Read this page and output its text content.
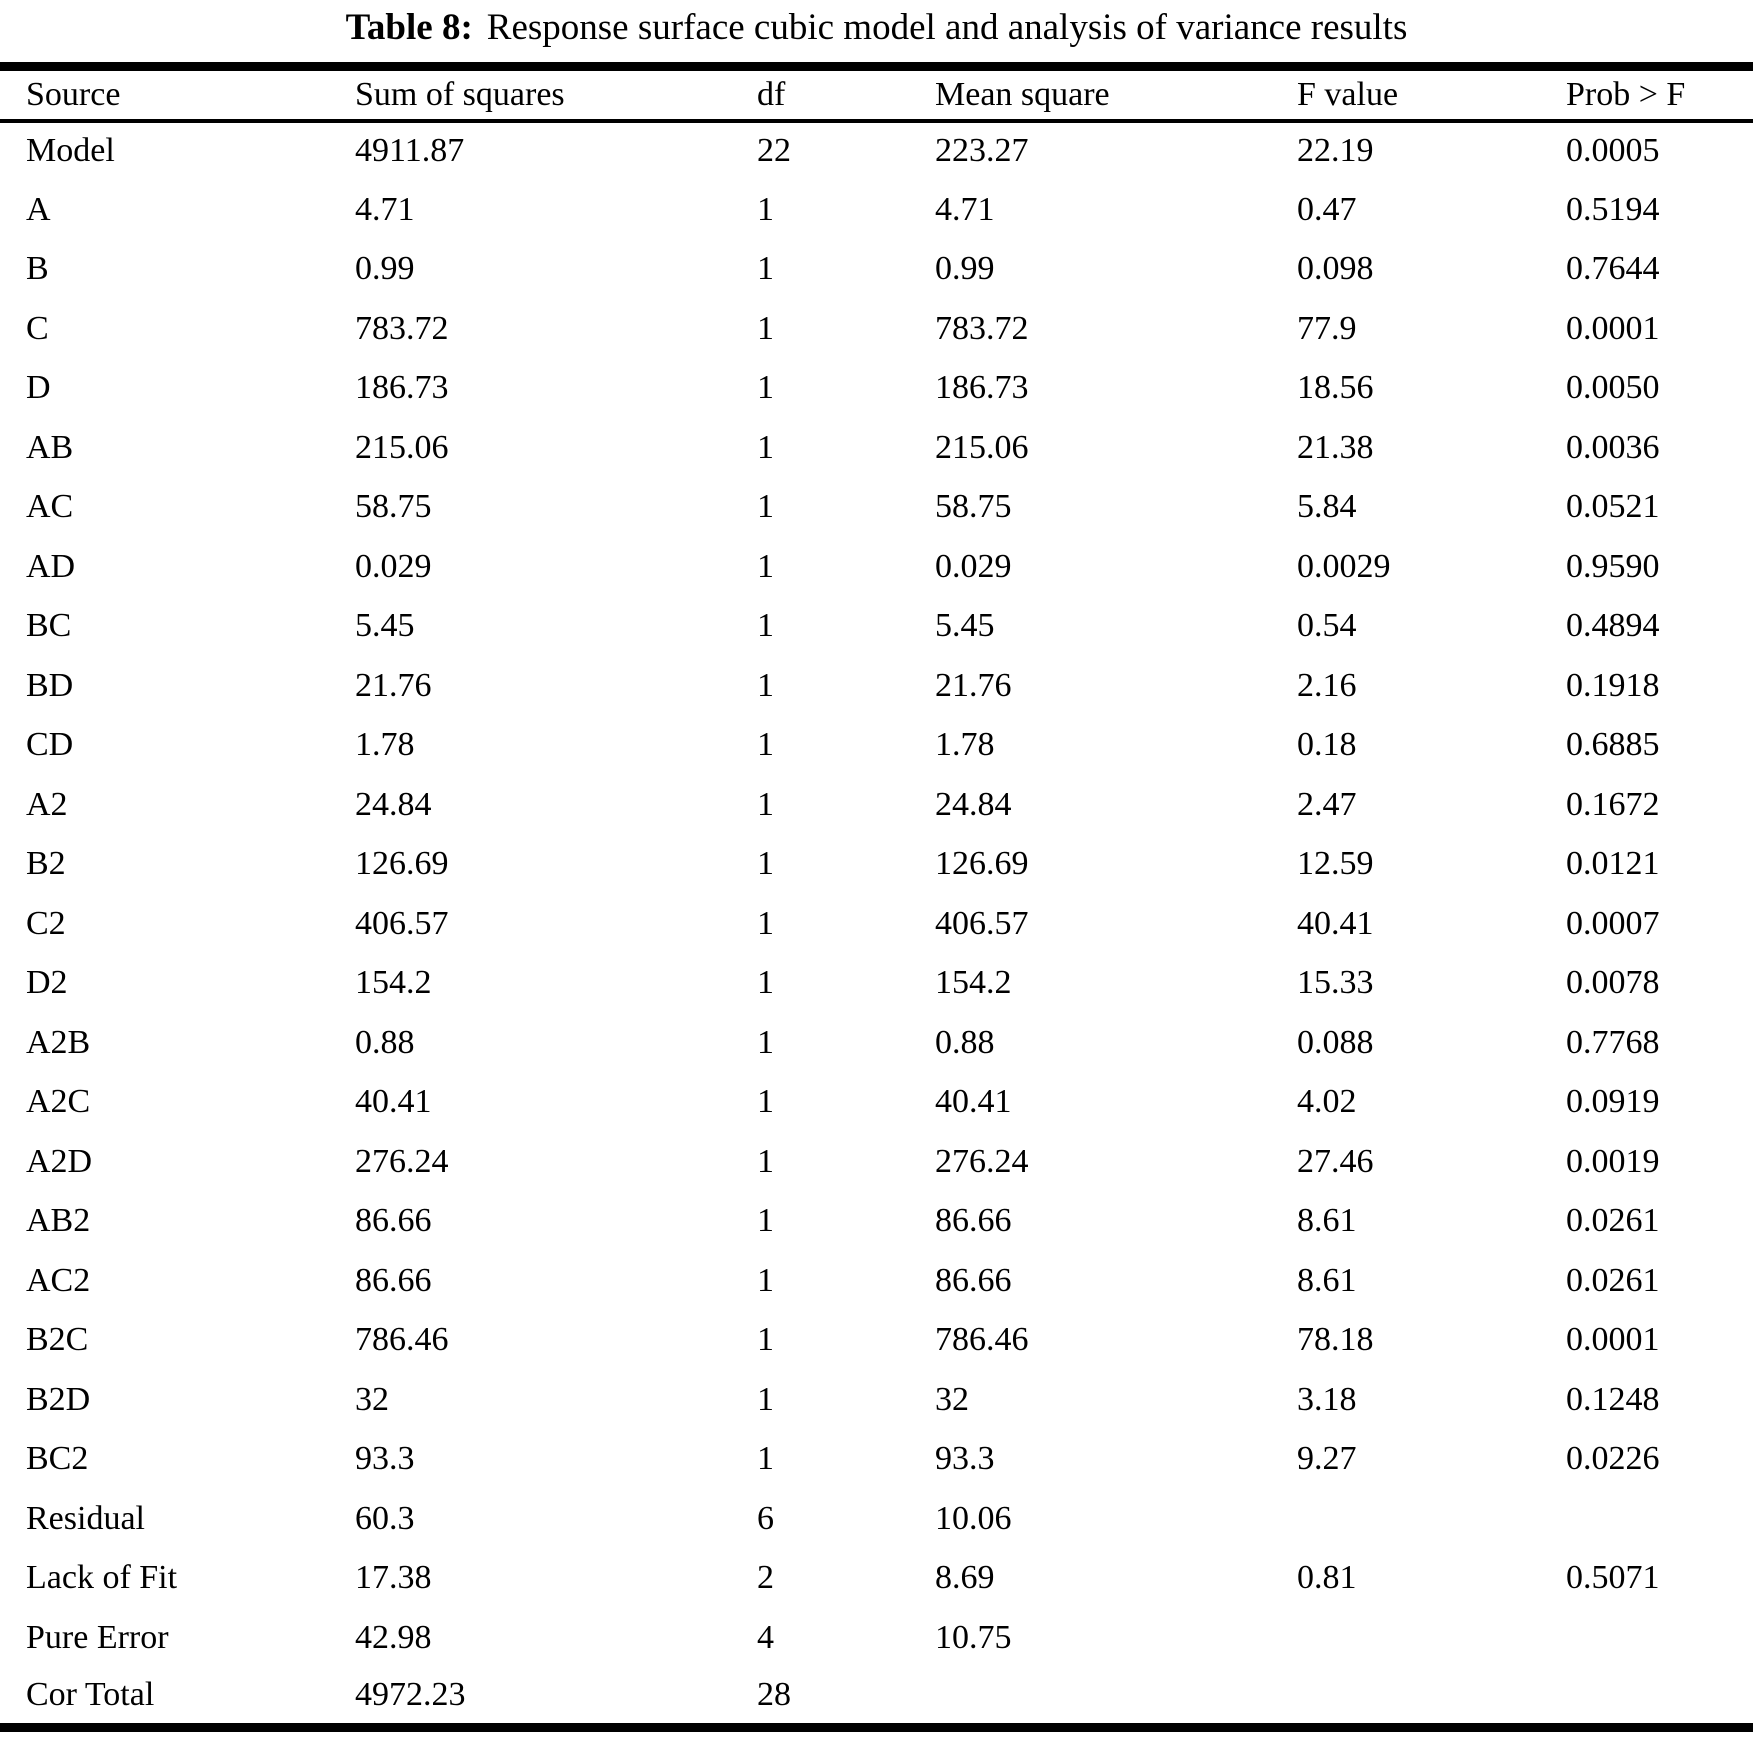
Table 8: Response surface cubic model and analysis of variance results
Source	Sum of squares	df	Mean square	F value	Prob > F
Model	4911.87	22	223.27	22.19	0.0005
A	4.71	1	4.71	0.47	0.5194
B	0.99	1	0.99	0.098	0.7644
C	783.72	1	783.72	77.9	0.0001
D	186.73	1	186.73	18.56	0.0050
AB	215.06	1	215.06	21.38	0.0036
AC	58.75	1	58.75	5.84	0.0521
AD	0.029	1	0.029	0.0029	0.9590
BC	5.45	1	5.45	0.54	0.4894
BD	21.76	1	21.76	2.16	0.1918
CD	1.78	1	1.78	0.18	0.6885
A2	24.84	1	24.84	2.47	0.1672
B2	126.69	1	126.69	12.59	0.0121
C2	406.57	1	406.57	40.41	0.0007
D2	154.2	1	154.2	15.33	0.0078
A2B	0.88	1	0.88	0.088	0.7768
A2C	40.41	1	40.41	4.02	0.0919
A2D	276.24	1	276.24	27.46	0.0019
AB2	86.66	1	86.66	8.61	0.0261
AC2	86.66	1	86.66	8.61	0.0261
B2C	786.46	1	786.46	78.18	0.0001
B2D	32	1	32	3.18	0.1248
BC2	93.3	1	93.3	9.27	0.0226
Residual	60.3	6	10.06		
Lack of Fit	17.38	2	8.69	0.81	0.5071
Pure Error	42.98	4	10.75		
Cor Total	4972.23	28			
